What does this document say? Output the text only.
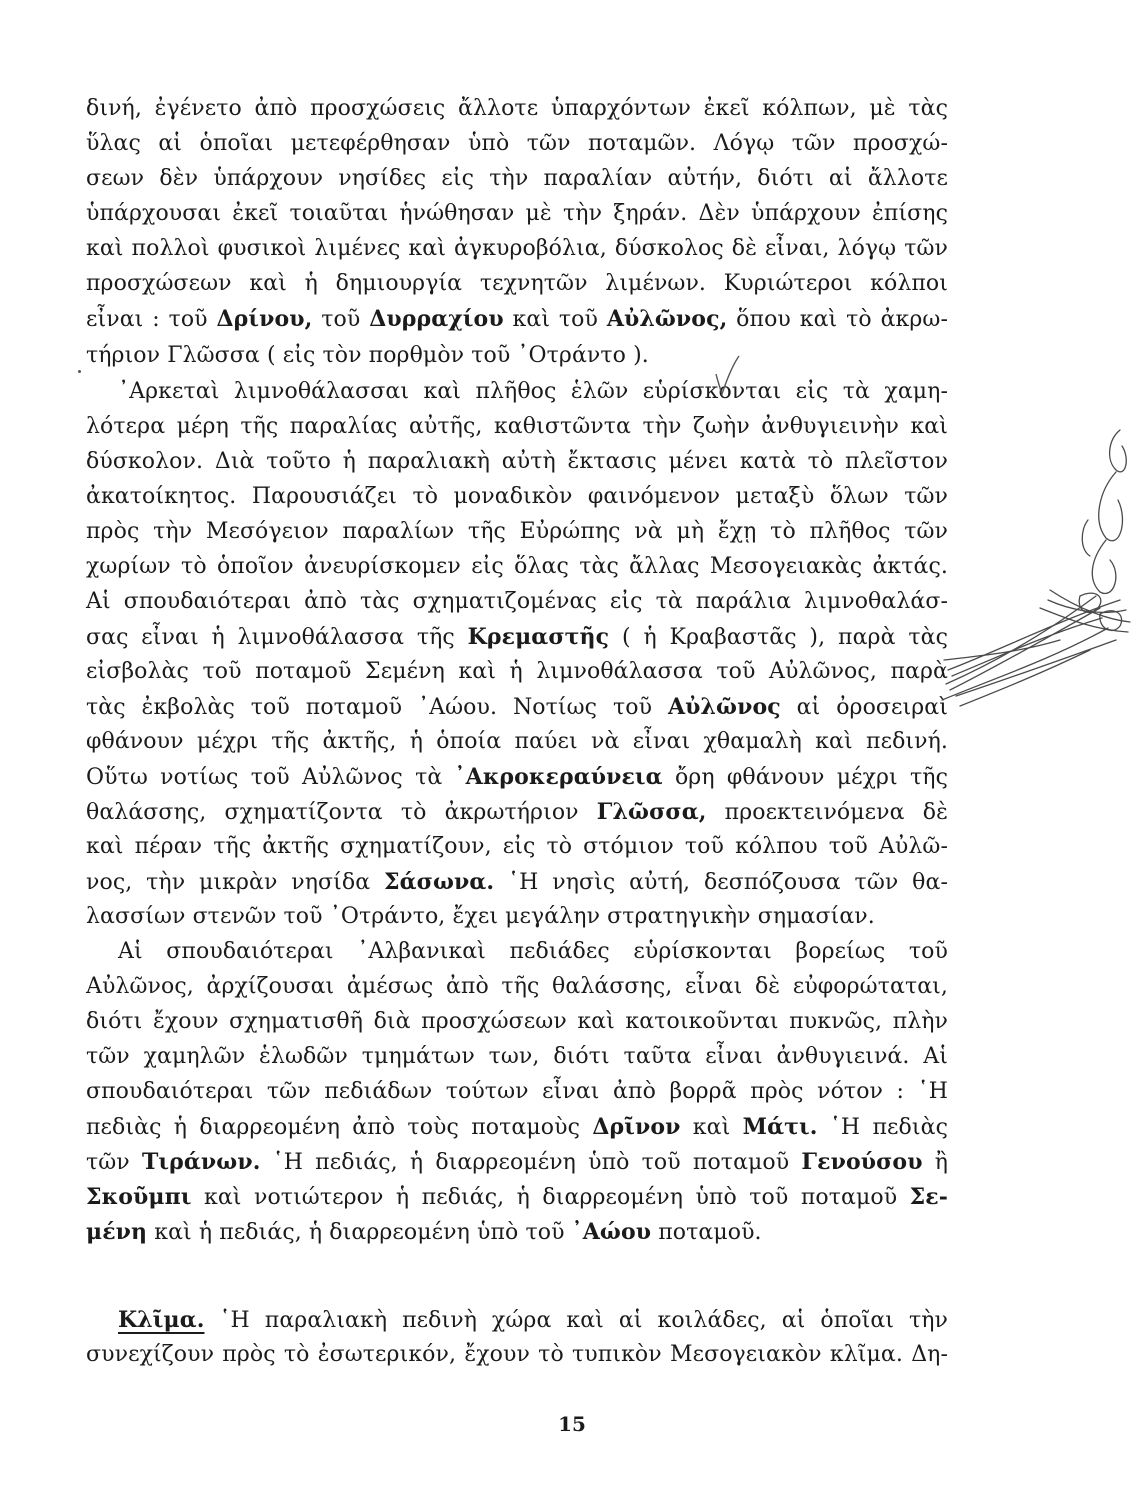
δινή, ἐγένετο ἀπὸ προσχώσεις ἄλλοτε ὑπαρχόντων ἐκεῖ κόλπων, μὲ τὰς
ὕλας αἱ ὁποῖαι μετεφέρθησαν ὑπὸ τῶν ποταμῶν. Λόγῳ τῶν προσχώ-
σεων δὲν ὑπάρχουν νησίδες εἰς τὴν παραλίαν αὐτήν, διότι αἱ ἄλλοτε
ὑπάρχουσαι ἐκεῖ τοιαῦται ἡνώθησαν μὲ τὴν ξηράν. Δὲν ὑπάρχουν ἐπίσης
καὶ πολλοὶ φυσικοὶ λιμένες καὶ ἀγκυροβόλια, δύσκολος δὲ εἶναι, λόγῳ τῶν
προσχώσεων καὶ ἡ δημιουργία τεχνητῶν λιμένων. Κυριώτεροι κόλποι
εἶναι : τοῦ Δρίνου, τοῦ Δυρραχίου καὶ τοῦ Αὐλῶνος, ὅπου καὶ τὸ ἀκρω-
τήριον Γλῶσσα ( εἰς τὸν πορθμὸν τοῦ ᾿Οτράντο ).
᾿Αρκεταὶ λιμνοθάλασσαι καὶ πλῆθος ἑλῶν εὑρίσκονται εἰς τὰ χαμη-
λότερα μέρη τῆς παραλίας αὐτῆς, καθιστῶντα τὴν ζωὴν ἀνθυγιεινὴν καὶ
δύσκολον. Διὰ τοῦτο ἡ παραλιακὴ αὐτὴ ἔκτασις μένει κατὰ τὸ πλεῖστον
ἀκατοίκητος. Παρουσιάζει τὸ μοναδικὸν φαινόμενον μεταξὺ ὅλων τῶν
πρὸς τὴν Μεσόγειον παραλίων τῆς Εὐρώπης νὰ μὴ ἔχῃ τὸ πλῆθος τῶν
χωρίων τὸ ὁποῖον ἀνευρίσκομεν εἰς ὅλας τὰς ἄλλας Μεσογειακὰς ἀκτάς.
Αἱ σπουδαιότεραι ἀπὸ τὰς σχηματιζομένας εἰς τὰ παράλια λιμνοθαλάσ-
σας εἶναι ἡ λιμνοθάλασσα τῆς Κρεμαστῆς ( ἡ Κραβαστᾶς ), παρὰ τὰς
εἰσβολὰς τοῦ ποταμοῦ Σεμένη καὶ ἡ λιμνοθάλασσα τοῦ Αὐλῶνος, παρὰ
τὰς ἐκβολὰς τοῦ ποταμοῦ ᾿Αώου. Νοτίως τοῦ Αὐλῶνος αἱ ὀροσειραὶ
φθάνουν μέχρι τῆς ἀκτῆς, ἡ ὁποία παύει νὰ εἶναι χθαμαλὴ καὶ πεδινή.
Οὕτω νοτίως τοῦ Αὐλῶνος τὰ ᾿Ακροκεραύνεια ὄρη φθάνουν μέχρι τῆς
θαλάσσης, σχηματίζοντα τὸ ἀκρωτήριον Γλῶσσα, προεκτεινόμενα δὲ
καὶ πέραν τῆς ἀκτῆς σχηματίζουν, εἰς τὸ στόμιον τοῦ κόλπου τοῦ Αὐλῶ-
νος, τὴν μικρὰν νησίδα Σάσωνα. ῾Η νησὶς αὐτή, δεσπόζουσα τῶν θα-
λασσίων στενῶν τοῦ ᾿Οτράντο, ἔχει μεγάλην στρατηγικὴν σημασίαν.
Αἱ σπουδαιότεραι ᾿Αλβανικαὶ πεδιάδες εὑρίσκονται βορείως τοῦ
Αὐλῶνος, ἀρχίζουσαι ἀμέσως ἀπὸ τῆς θαλάσσης, εἶναι δὲ εὐφορώταται,
διότι ἔχουν σχηματισθῆ διὰ προσχώσεων καὶ κατοικοῦνται πυκνῶς, πλὴν
τῶν χαμηλῶν ἑλωδῶν τμημάτων των, διότι ταῦτα εἶναι ἀνθυγιεινά. Αἱ
σπουδαιότεραι τῶν πεδιάδων τούτων εἶναι ἀπὸ βορρᾶ πρὸς νότον : ῾Η
πεδιὰς ἡ διαρρεομένη ἀπὸ τοὺς ποταμοὺς Δρῖνον καὶ Μάτι. ῾Η πεδιὰς
τῶν Τιράνων. ῾Η πεδιάς, ἡ διαρρεομένη ὑπὸ τοῦ ποταμοῦ Γενούσου ἢ
Σκοῦμπι καὶ νοτιώτερον ἡ πεδιάς, ἡ διαρρεομένη ὑπὸ τοῦ ποταμοῦ Σε-
μένη καὶ ἡ πεδιάς, ἡ διαρρεομένη ὑπὸ τοῦ ᾿Αώου ποταμοῦ.
Κλῖμα. ῾Η παραλιακὴ πεδινὴ χώρα καὶ αἱ κοιλάδες, αἱ ὁποῖαι τὴν
συνεχίζουν πρὸς τὸ ἐσωτερικόν, ἔχουν τὸ τυπικὸν Μεσογειακὸν κλῖμα. Δη-
15
